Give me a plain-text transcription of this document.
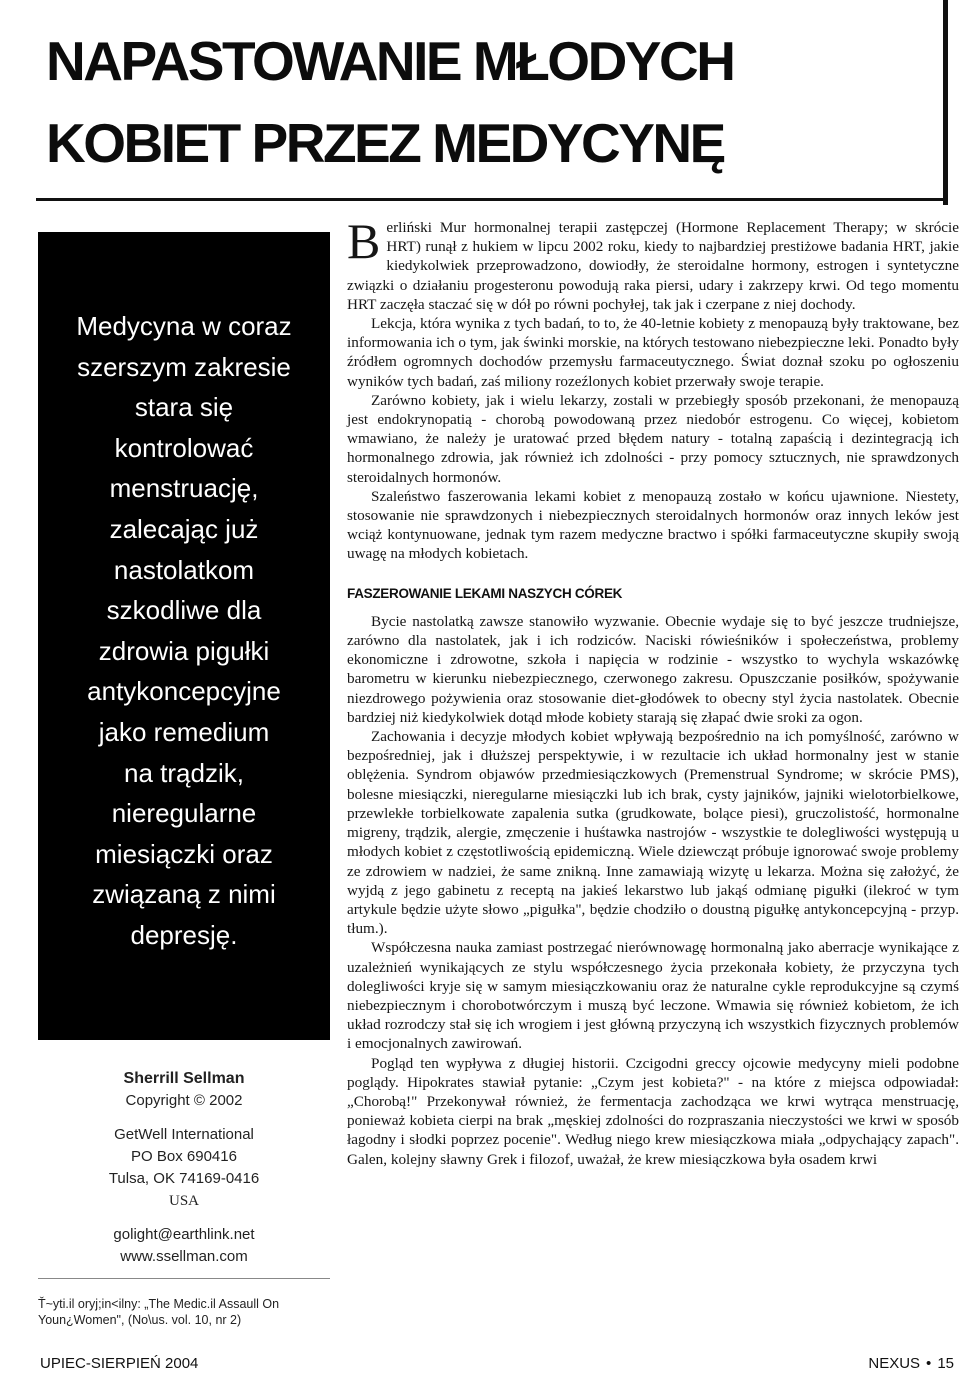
NAPASTOWANIE MŁODYCH
KOBIET PRZEZ MEDYCYNĘ

Medycyna w coraz
szerszym zakresie
stara się
kontrolować
menstruację,
zalecając już
nastolatkom
szkodliwe dla
zdrowia pigułki
antykoncepcyjne
jako remedium
na trądzik,
nieregularne
miesiączki oraz
związaną z nimi
depresję.

Sherrill Sellman
Copyright © 2002
GetWell International
PO Box 690416
Tulsa, OK 74169-0416
USA
golight@earthlink.net
www.ssellman.com
Ť~yti.il oryj;in<ilny: „The Medic.il Assaull On
Youn¿Women", (No\us. vol. 10, nr 2)

Berliński Mur hormonalnej terapii zastępczej (Hormone Replacement Therapy; w skrócie HRT) runął z hukiem w lipcu 2002 roku, kiedy to najbardziej prestiżowe badania HRT, jakie kiedykolwiek przeprowadzono, dowiodły, że steroidalne hormony, estrogen i syntetyczne związki o działaniu progesteronu powodują raka piersi, udary i zakrzepy krwi. Od tego momentu HRT zaczęła staczać się w dół po równi pochyłej, tak jak i czerpane z niej dochody.

Lekcja, która wynika z tych badań, to to, że 40-letnie kobiety z menopauzą były traktowane, bez informowania ich o tym, jak świnki morskie, na których testowano niebezpieczne leki. Ponadto były źródłem ogromnych dochodów przemysłu farmaceutycznego. Świat doznał szoku po ogłoszeniu wyników tych badań, zaś miliony rozeźlonych kobiet przerwały swoje terapie.

Zarówno kobiety, jak i wielu lekarzy, zostali w przebiegły sposób przekonani, że menopauzą jest endokrynopatią - chorobą powodowaną przez niedobór estrogenu. Co więcej, kobietom wmawiano, że należy je uratować przed błędem natury - totalną zapaścią i dezintegracją ich hormonalnego zdrowia, jak również ich zdolności - przy pomocy sztucznych, nie sprawdzonych steroidalnych hormonów.

Szaleństwo faszerowania lekami kobiet z menopauzą zostało w końcu ujawnione. Niestety, stosowanie nie sprawdzonych i niebezpiecznych steroidalnych hormonów oraz innych leków jest wciąż kontynuowane, jednak tym razem medyczne bractwo i spółki farmaceutyczne skupiły swoją uwagę na młodych kobietach.

FASZEROWANIE LEKAMI NASZYCH CÓREK

Bycie nastolatką zawsze stanowiło wyzwanie. Obecnie wydaje się to być jeszcze trudniejsze, zarówno dla nastolatek, jak i ich rodziców. Naciski rówieśników i społeczeństwa, problemy ekonomiczne i zdrowotne, szkoła i napięcia w rodzinie - wszystko to wychyla wskazówkę barometru w kierunku niebezpiecznego, czerwonego zakresu. Opuszczanie posiłków, spożywanie niezdrowego pożywienia oraz stosowanie diet-głodówek to obecny styl życia nastolatek. Obecnie bardziej niż kiedykolwiek dotąd młode kobiety starają się złapać dwie sroki za ogon.

Zachowania i decyzje młodych kobiet wpływają bezpośrednio na ich pomyślność, zarówno w bezpośredniej, jak i dłuższej perspektywie, i w rezultacie ich układ hormonalny jest w stanie oblężenia. Syndrom objawów przedmiesiączkowych (Premenstrual Syndrome; w skrócie PMS), bolesne miesiączki, nieregularne miesiączki lub ich brak, cysty jajników, jajniki wielotorbielkowe, przewlekłe torbielkowate zapalenia sutka (grudkowate, bolące piesi), gruczolistość, hormonalne migreny, trądzik, alergie, zmęczenie i huśtawka nastrojów - wszystkie te dolegliwości występują u młodych kobiet z częstotliwością epidemiczną. Wiele dziewcząt próbuje ignorować swoje problemy ze zdrowiem w nadziei, że same znikną. Inne zamawiają wizytę u lekarza. Można się założyć, że wyjdą z jego gabinetu z receptą na jakieś lekarstwo lub jakąś odmianę pigułki (ilekroć w tym artykule będzie użyte słowo „pigułka", będzie chodziło o doustną pigułkę antykoncepcyjną - przyp. tłum.).

Współczesna nauka zamiast postrzegać nierównowagę hormonalną jako aberracje wynikające z uzależnień wynikających ze stylu współczesnego życia przekonała kobiety, że przyczyna tych dolegliwości kryje się w samym miesiączkowaniu oraz że naturalne cykle reprodukcyjne są czymś niebezpiecznym i chorobotwórczym i muszą być leczone. Wmawia się również kobietom, że ich układ rozrodczy stał się ich wrogiem i jest główną przyczyną ich wszystkich fizycznych problemów i emocjonalnych zawirowań.

Pogląd ten wypływa z długiej historii. Czcigodni greccy ojcowie medycyny mieli podobne poglądy. Hipokrates stawiał pytanie: „Czym jest kobieta?" - na które z miejsca odpowiadał: „Chorobą!" Przekonywał również, że fermentacja zachodząca we krwi wytrąca menstruację, ponieważ kobieta cierpi na brak „męskiej zdolności do rozpraszania nieczystości we krwi w sposób łagodny i słodki poprzez pocenie". Według niego krew miesiączkowa miała „odpychający zapach". Galen, kolejny sławny Grek i filozof, uważał, że krew miesiączkowa była osadem krwi

UPIEC-SIERPIEŃ 2004	NEXUS • 15
